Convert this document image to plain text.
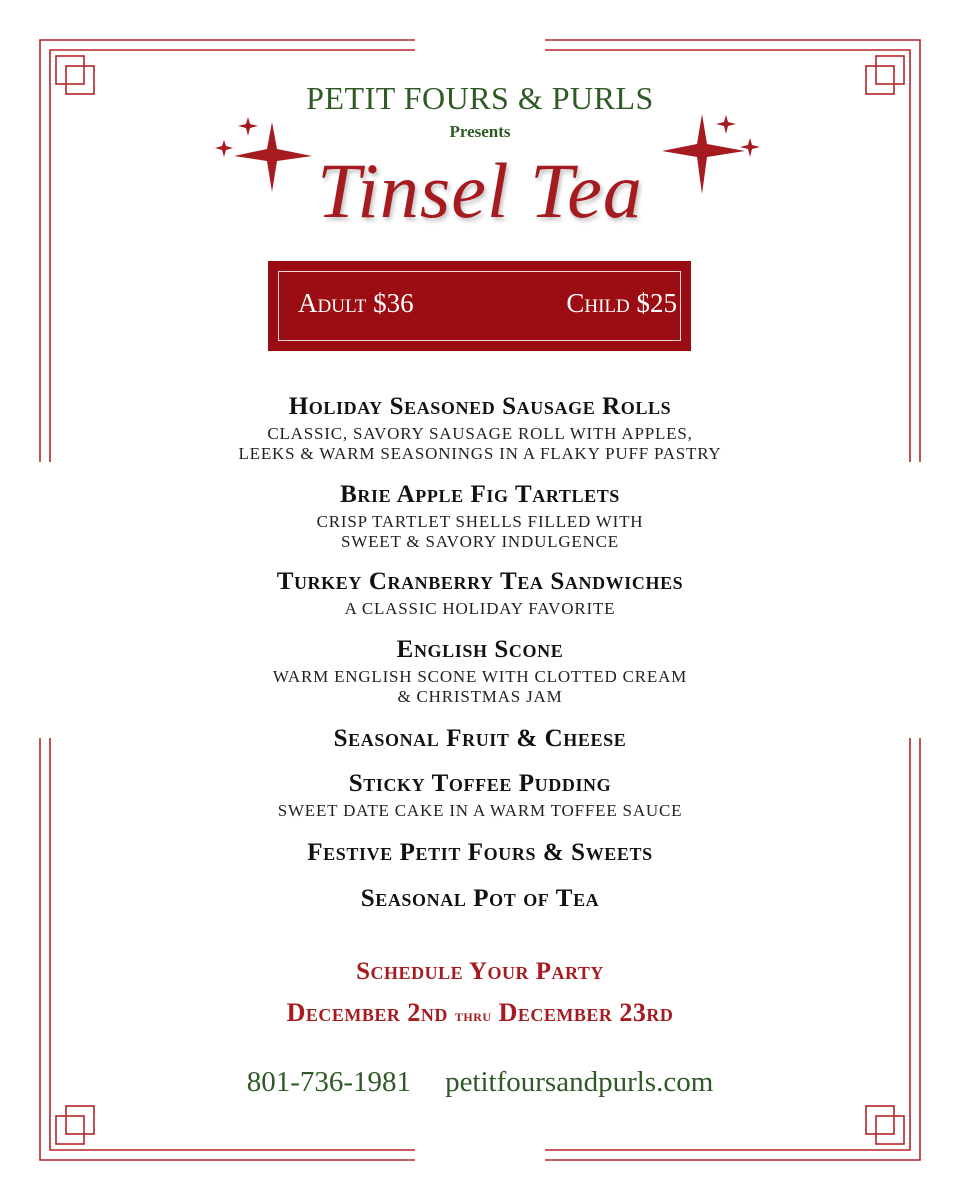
PETIT FOURS & PURLS
Presents
Tinsel Tea
Adult $36	Child $25
Holiday Seasoned Sausage Rolls
CLASSIC, SAVORY SAUSAGE ROLL WITH APPLES,
LEEKS & WARM SEASONINGS IN A FLAKY PUFF PASTRY
Brie Apple Fig Tartlets
CRISP TARTLET SHELLS FILLED WITH
SWEET & SAVORY INDULGENCE
Turkey Cranberry Tea Sandwiches
A CLASSIC HOLIDAY FAVORITE
English Scone
WARM ENGLISH SCONE WITH CLOTTED CREAM
& CHRISTMAS JAM
Seasonal Fruit & Cheese
Sticky Toffee Pudding
SWEET DATE CAKE IN A WARM TOFFEE SAUCE
Festive Petit Fours & Sweets
Seasonal Pot of Tea
Schedule Your Party
December 2nd thru December 23rd
801-736-1981 petitfoursandpurls.com
